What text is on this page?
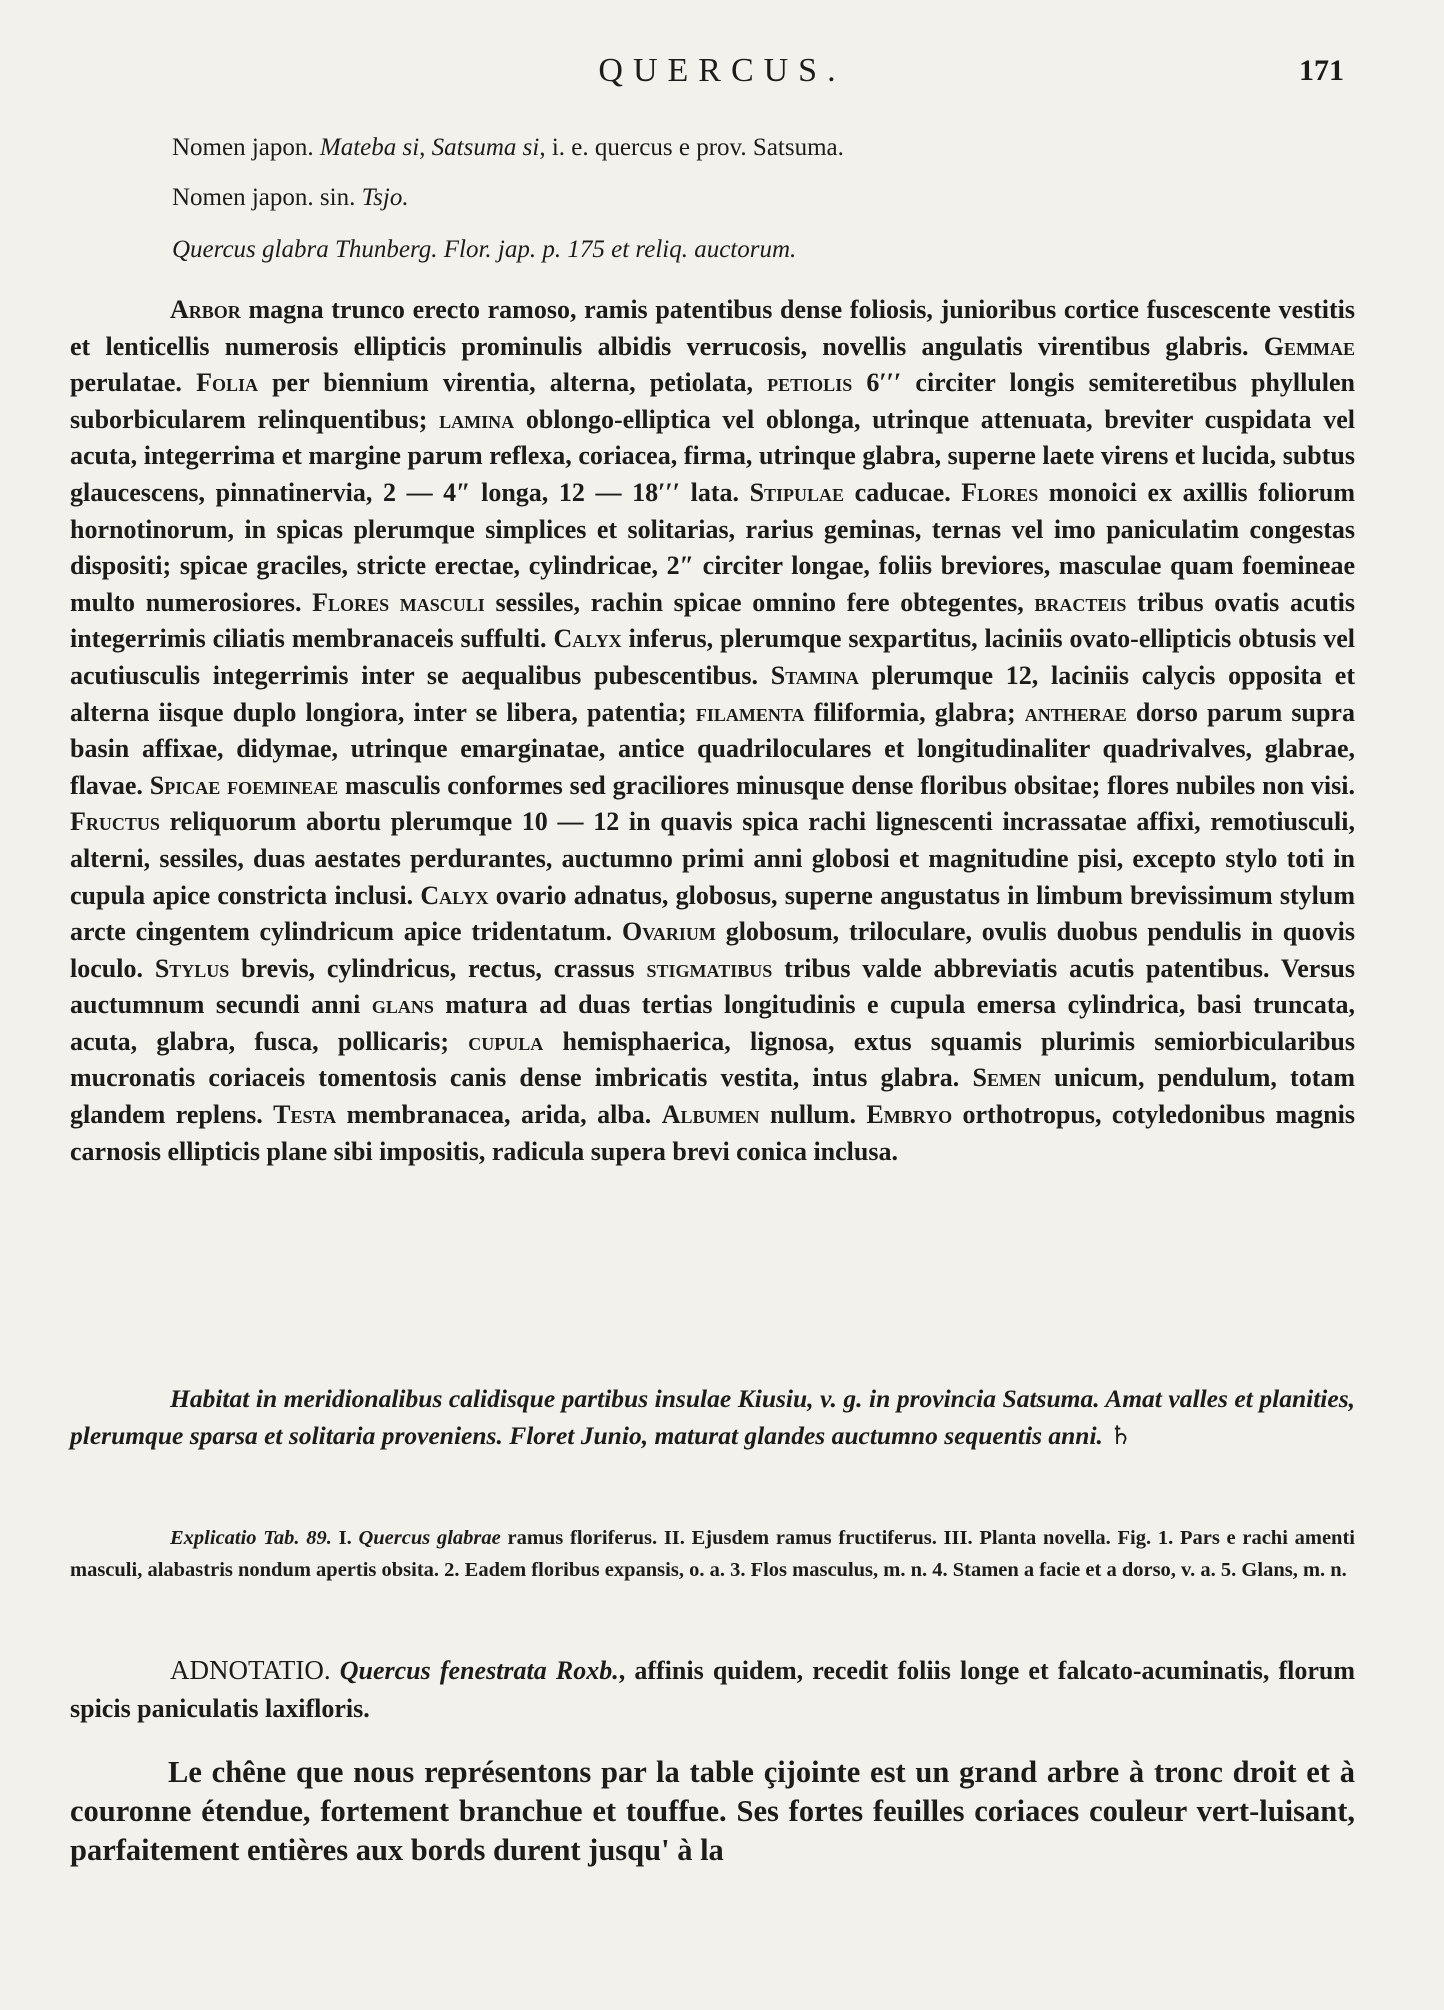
QUERCUS.	171
Nomen japon. Mateba si, Satsuma si, i. e. quercus e prov. Satsuma.
Nomen japon. sin. Tsjo.
Quercus glabra Thunberg. Flor. jap. p. 175 et reliq. auctorum.

Arbor magna trunco erecto ramoso, ramis patentibus dense foliosis, junioribus cortice fuscescente vestitis et lenticellis numerosis ellipticis prominulis albidis verrucosis, novellis angulatis virentibus glabris. Gemmae perulatae. Folia per biennium virentia, alterna, petiolata, petiolis 6′′′ circiter longis semiteretibus phyllulen suborbicularem relinquentibus; lamina oblongo-elliptica vel oblonga, utrinque attenuata, breviter cuspidata vel acuta, integerrima et margine parum reflexa, coriacea, firma, utrinque glabra, superne laete virens et lucida, subtus glaucescens, pinnatinervia, 2 — 4″ longa, 12 — 18′′′ lata. Stipulae caducae. Flores monoici ex axillis foliorum hornotinorum, in spicas plerumque simplices et solitarias, rarius geminas, ternas vel imo paniculatim congestas dispositi; spicae graciles, stricte erectae, cylindricae, 2″ circiter longae, foliis breviores, masculae quam foemineae multo numerosiores. Flores masculi sessiles, rachin spicae omnino fere obtegentes, bracteis tribus ovatis acutis integerrimis ciliatis membranaceis suffulti. Calyx inferus, plerumque sexpartitus, laciniis ovato-ellipticis obtusis vel acutiusculis integerrimis inter se aequalibus pubescentibus. Stamina plerumque 12, laciniis calycis opposita et alterna iisque duplo longiora, inter se libera, patentia; filamenta filiformia, glabra; antherae dorso parum supra basin affixae, didymae, utrinque emarginatae, antice quadriloculares et longitudinaliter quadrivalves, glabrae, flavae. Spicae foemineae masculis conformes sed graciliores minusque dense floribus obsitae; flores nubiles non visi. Fructus reliquorum abortu plerumque 10 — 12 in quavis spica rachi lignescenti incrassatae affixi, remotiusculi, alterni, sessiles, duas aestates perdurantes, auctumno primi anni globosi et magnitudine pisi, excepto stylo toti in cupula apice constricta inclusi. Calyx ovario adnatus, globosus, superne angustatus in limbum brevissimum stylum arcte cingentem cylindricum apice tridentatum. Ovarium globosum, triloculare, ovulis duobus pendulis in quovis loculo. Stylus brevis, cylindricus, rectus, crassus stigmatibus tribus valde abbreviatis acutis patentibus. Versus auctumnum secundi anni glans matura ad duas tertias longitudinis e cupula emersa cylindrica, basi truncata, acuta, glabra, fusca, pollicaris; cupula hemisphaerica, lignosa, extus squamis plurimis semiorbicularibus mucronatis coriaceis tomentosis canis dense imbricatis vestita, intus glabra. Semen unicum, pendulum, totam glandem replens. Testa membranacea, arida, alba. Albumen nullum. Embryo orthotropus, cotyledonibus magnis carnosis ellipticis plane sibi impositis, radicula supera brevi conica inclusa.

Habitat in meridionalibus calidisque partibus insulae Kiusiu, v. g. in provincia Satsuma. Amat valles et planities, plerumque sparsa et solitaria proveniens. Floret Junio, maturat glandes auctumno sequentis anni. ♄

Explicatio Tab. 89. I. Quercus glabrae ramus floriferus. II. Ejusdem ramus fructiferus. III. Planta novella. Fig. 1. Pars e rachi amenti masculi, alabastris nondum apertis obsita. 2. Eadem floribus expansis, o. a. 3. Flos masculus, m. n. 4. Stamen a facie et a dorso, v. a. 5. Glans, m. n.

ADNOTATIO. Quercus fenestrata Roxb., affinis quidem, recedit foliis longe et falcato-acuminatis, florum spicis paniculatis laxifloris.

Le chêne que nous représentons par la table çijointe est un grand arbre à tronc droit et à couronne étendue, fortement branchue et touffue. Ses fortes feuilles coriaces couleur vert-luisant, parfaitement entières aux bords durent jusqu' à la
